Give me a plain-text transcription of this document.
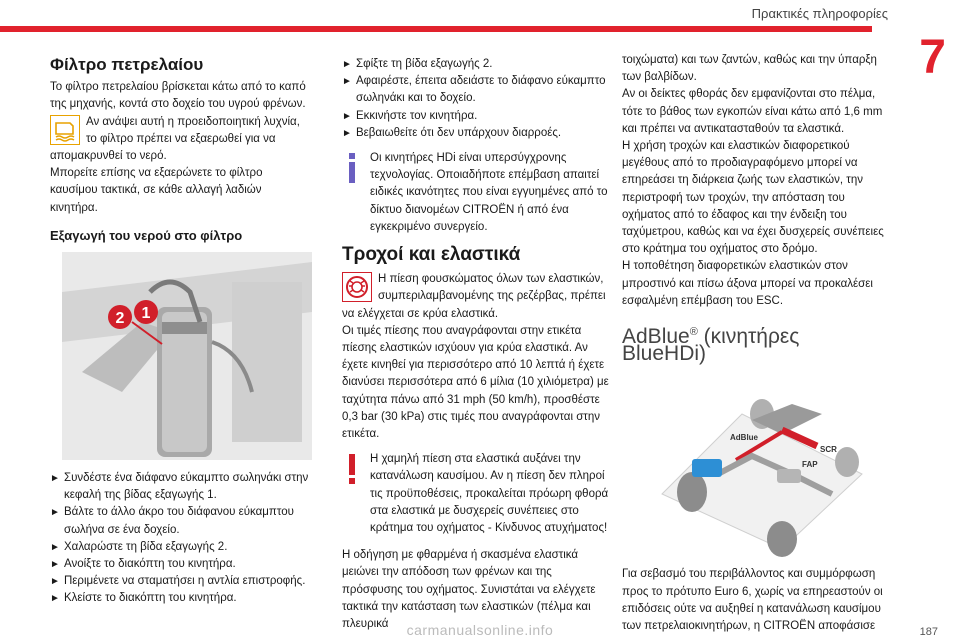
Πρακτικές πληροφορίες
7
Φίλτρο πετρελαίου

Το φίλτρο πετρελαίου βρίσκεται κάτω από το καπό της μηχανής, κοντά στο δοχείο του υγρού φρένων.

Αν ανάψει αυτή η προειδοποιητική λυχνία, το φίλτρο πρέπει να εξαερωθεί για να απομακρυνθεί το νερό.

Μπορείτε επίσης να εξαερώνετε το φίλτρο καυσίμου τακτικά, σε κάθε αλλαγή λαδιών κινητήρα.

Εξαγωγή του νερού στο φίλτρο
2 1
► Συνδέστε ένα διάφανο εύκαμπτο σωληνάκι στην κεφαλή της βίδας εξαγωγής 1.
► Βάλτε το άλλο άκρο του διάφανου εύκαμπτου σωλήνα σε ένα δοχείο.
► Χαλαρώστε τη βίδα εξαγωγής 2.
► Ανοίξτε το διακόπτη του κινητήρα.
► Περιμένετε να σταματήσει η αντλία επιστροφής.
► Κλείστε το διακόπτη του κινητήρα.
► Σφίξτε τη βίδα εξαγωγής 2.
► Αφαιρέστε, έπειτα αδειάστε το διάφανο εύκαμπτο σωληνάκι και το δοχείο.
► Εκκινήστε τον κινητήρα.
► Βεβαιωθείτε ότι δεν υπάρχουν διαρροές.
Οι κινητήρες HDi είναι υπερσύγχρονης τεχνολογίας. Οποιαδήποτε επέμβαση απαιτεί ειδικές ικανότητες που είναι εγγυημένες από το δίκτυο διανομέων CITROËN ή από ένα εγκεκριμένο συνεργείο.
Τροχοί και ελαστικά
Η πίεση φουσκώματος όλων των ελαστικών, συμπεριλαμβανομένης της ρεζέρβας, πρέπει να ελέγχεται σε κρύα ελαστικά.

Οι τιμές πίεσης που αναγράφονται στην ετικέτα πίεσης ελαστικών ισχύουν για κρύα ελαστικά. Αν έχετε κινηθεί για περισσότερο από 10 λεπτά ή έχετε διανύσει περισσότερα από 6 μίλια (10 χιλιόμετρα) με ταχύτητα πάνω από 31 mph (50 km/h), προσθέστε 0,3 bar (30 kPa) στις τιμές που αναγράφονται στην ετικέτα.

Η χαμηλή πίεση στα ελαστικά αυξάνει την κατανάλωση καυσίμου. Αν η πίεση δεν πληροί τις προϋποθέσεις, προκαλείται πρόωρη φθορά στα ελαστικά με δυσχερείς συνέπειες στο κράτημα του οχήματος - Κίνδυνος ατυχήματος!

Η οδήγηση με φθαρμένα ή σκασμένα ελαστικά μειώνει την απόδοση των φρένων και της πρόσφυσης του οχήματος. Συνιστάται να ελέγχετε τακτικά την κατάσταση των ελαστικών (πέλμα και πλευρικά

τοιχώματα) και των ζαντών, καθώς και την ύπαρξη των βαλβίδων.

Αν οι δείκτες φθοράς δεν εμφανίζονται στο πέλμα, τότε το βάθος των εγκοπών είναι κάτω από 1,6 mm και πρέπει να αντικατασταθούν τα ελαστικά.

Η χρήση τροχών και ελαστικών διαφορετικού μεγέθους από το προδιαγραφόμενο μπορεί να επηρεάσει τη διάρκεια ζωής των ελαστικών, την περιστροφή των τροχών, την απόσταση του οχήματος από το έδαφος και την ένδειξη του ταχύμετρου, καθώς και να έχει δυσχερείς συνέπειες στο κράτημα του οχήματος στο δρόμο.

Η τοποθέτηση διαφορετικών ελαστικών στον μπροστινό και πίσω άξονα μπορεί να προκαλέσει εσφαλμένη επέμβαση του ESC.

AdBlue® (κινητήρες BlueHDi)
AdBlue
SCR
FAP

Για σεβασμό του περιβάλλοντος και συμμόρφωση προς το πρότυπο Euro 6, χωρίς να επηρεαστούν οι επιδόσεις ούτε να αυξηθεί η κατανάλωση καυσίμου των πετρελαιοκινητήρων, η CITROËN αποφάσισε

carmanualsonline.info	187
